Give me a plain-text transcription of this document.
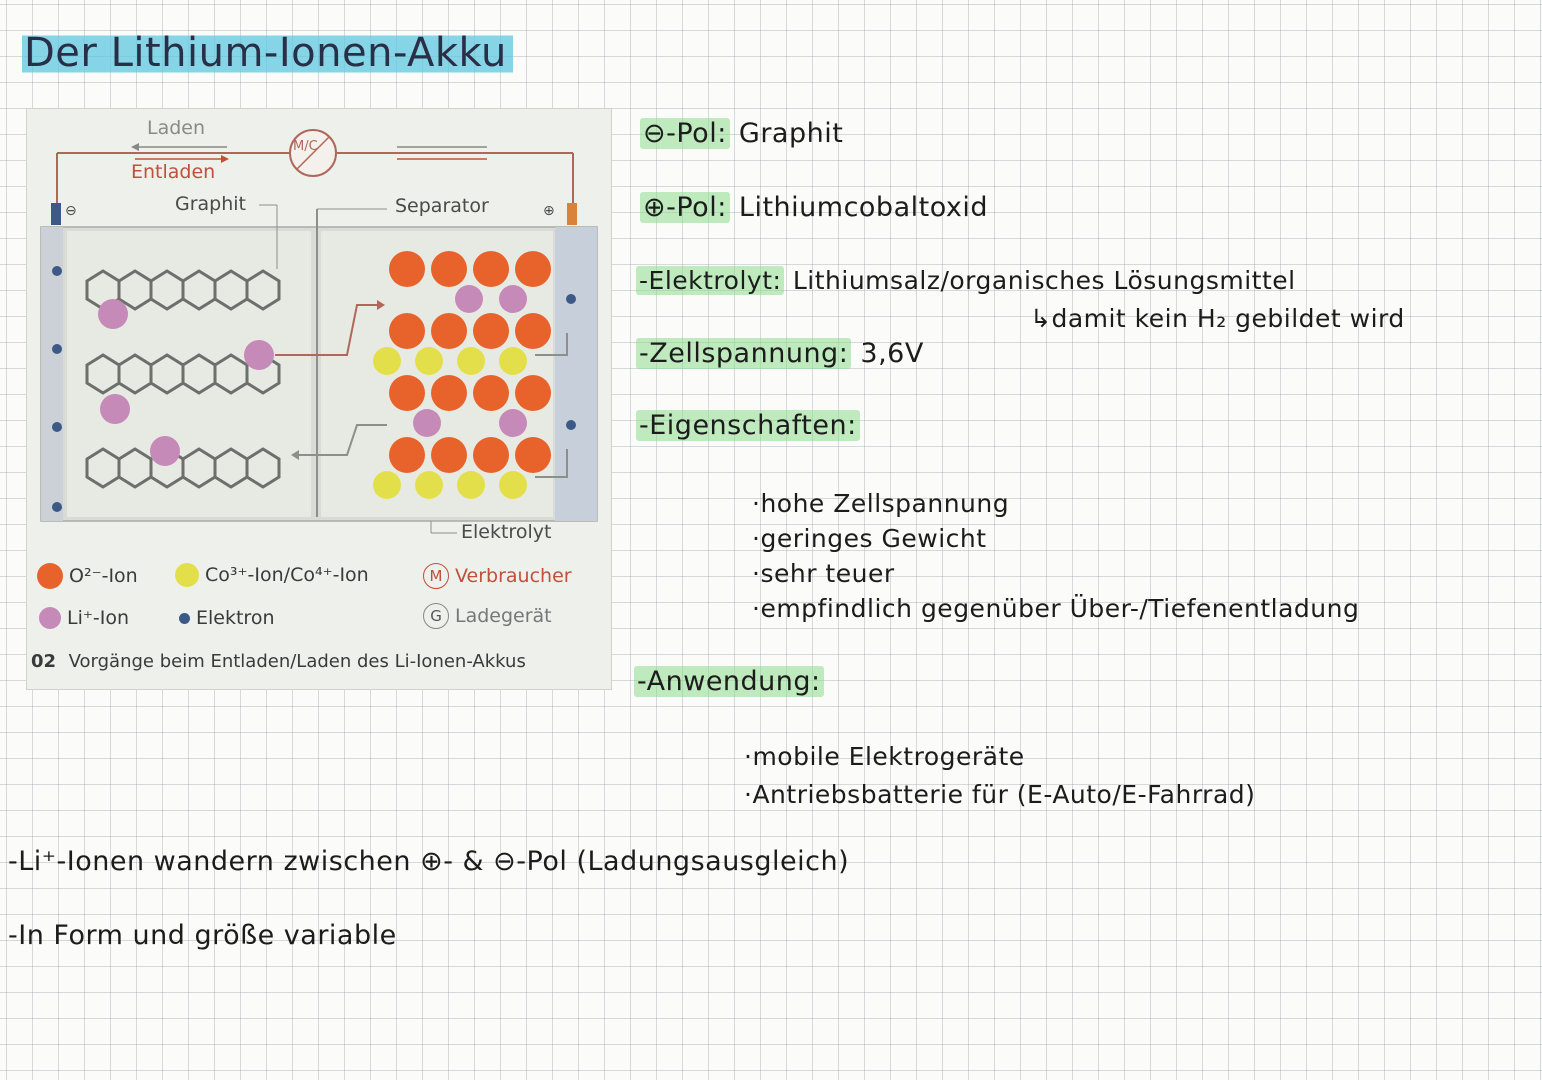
Der Lithium-Ionen-Akku
Laden
Entladen
Graphit	Separator
Elektrolyt
M/C
⊖	⊕
O²⁻-Ion	Co³⁺-Ion/Co⁴⁺-Ion	M Verbraucher
Li⁺-Ion	Elektron	G Ladegerät
02 Vorgänge beim Entladen/Laden des Li-Ionen-Akkus
⊖-Pol: Graphit
⊕-Pol: Lithiumcobaltoxid
-Elektrolyt: Lithiumsalz/organisches Lösungsmittel
↳damit kein H₂ gebildet wird
-Zellspannung: 3,6V
-Eigenschaften:
·hohe Zellspannung
·geringes Gewicht
·sehr teuer
·empfindlich gegenüber Über-/Tiefenentladung
-Anwendung:
·mobile Elektrogeräte
·Antriebsbatterie für (E-Auto/E-Fahrrad)
-Li⁺-Ionen wandern zwischen ⊕- & ⊖-Pol (Ladungsausgleich)
-In Form und größe variable
